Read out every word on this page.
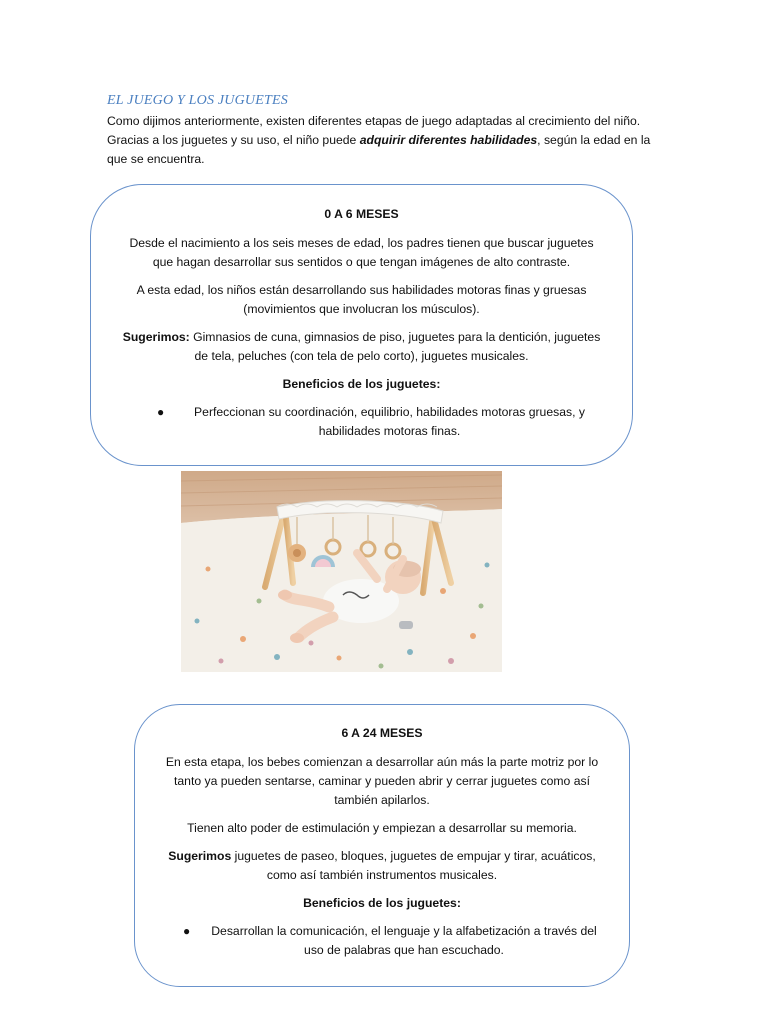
EL JUEGO Y LOS JUGUETES

Como dijimos anteriormente, existen diferentes etapas de juego adaptadas al crecimiento del niño. Gracias a los juguetes y su uso, el niño puede adquirir diferentes habilidades, según la edad en la que se encuentra.

0 A 6 MESES

Desde el nacimiento a los seis meses de edad, los padres tienen que buscar juguetes que hagan desarrollar sus sentidos o que tengan imágenes de alto contraste.

A esta edad, los niños están desarrollando sus habilidades motoras finas y gruesas (movimientos que involucran los músculos).

Sugerimos: Gimnasios de cuna, gimnasios de piso, juguetes para la dentición, juguetes de tela, peluches (con tela de pelo corto), juguetes musicales.

Beneficios de los juguetes:

●	Perfeccionan su coordinación, equilibrio, habilidades motoras gruesas, y habilidades motoras finas.
6 A 24 MESES

En esta etapa, los bebes comienzan a desarrollar aún más la parte motriz por lo tanto ya pueden sentarse, caminar y pueden abrir y cerrar juguetes como así también apilarlos.

Tienen alto poder de estimulación y empiezan a desarrollar su memoria.

Sugerimos juguetes de paseo, bloques, juguetes de empujar y tirar, acuáticos, como así también instrumentos musicales.

Beneficios de los juguetes:

●	Desarrollan la comunicación, el lenguaje y la alfabetización a través del uso de palabras que han escuchado.
